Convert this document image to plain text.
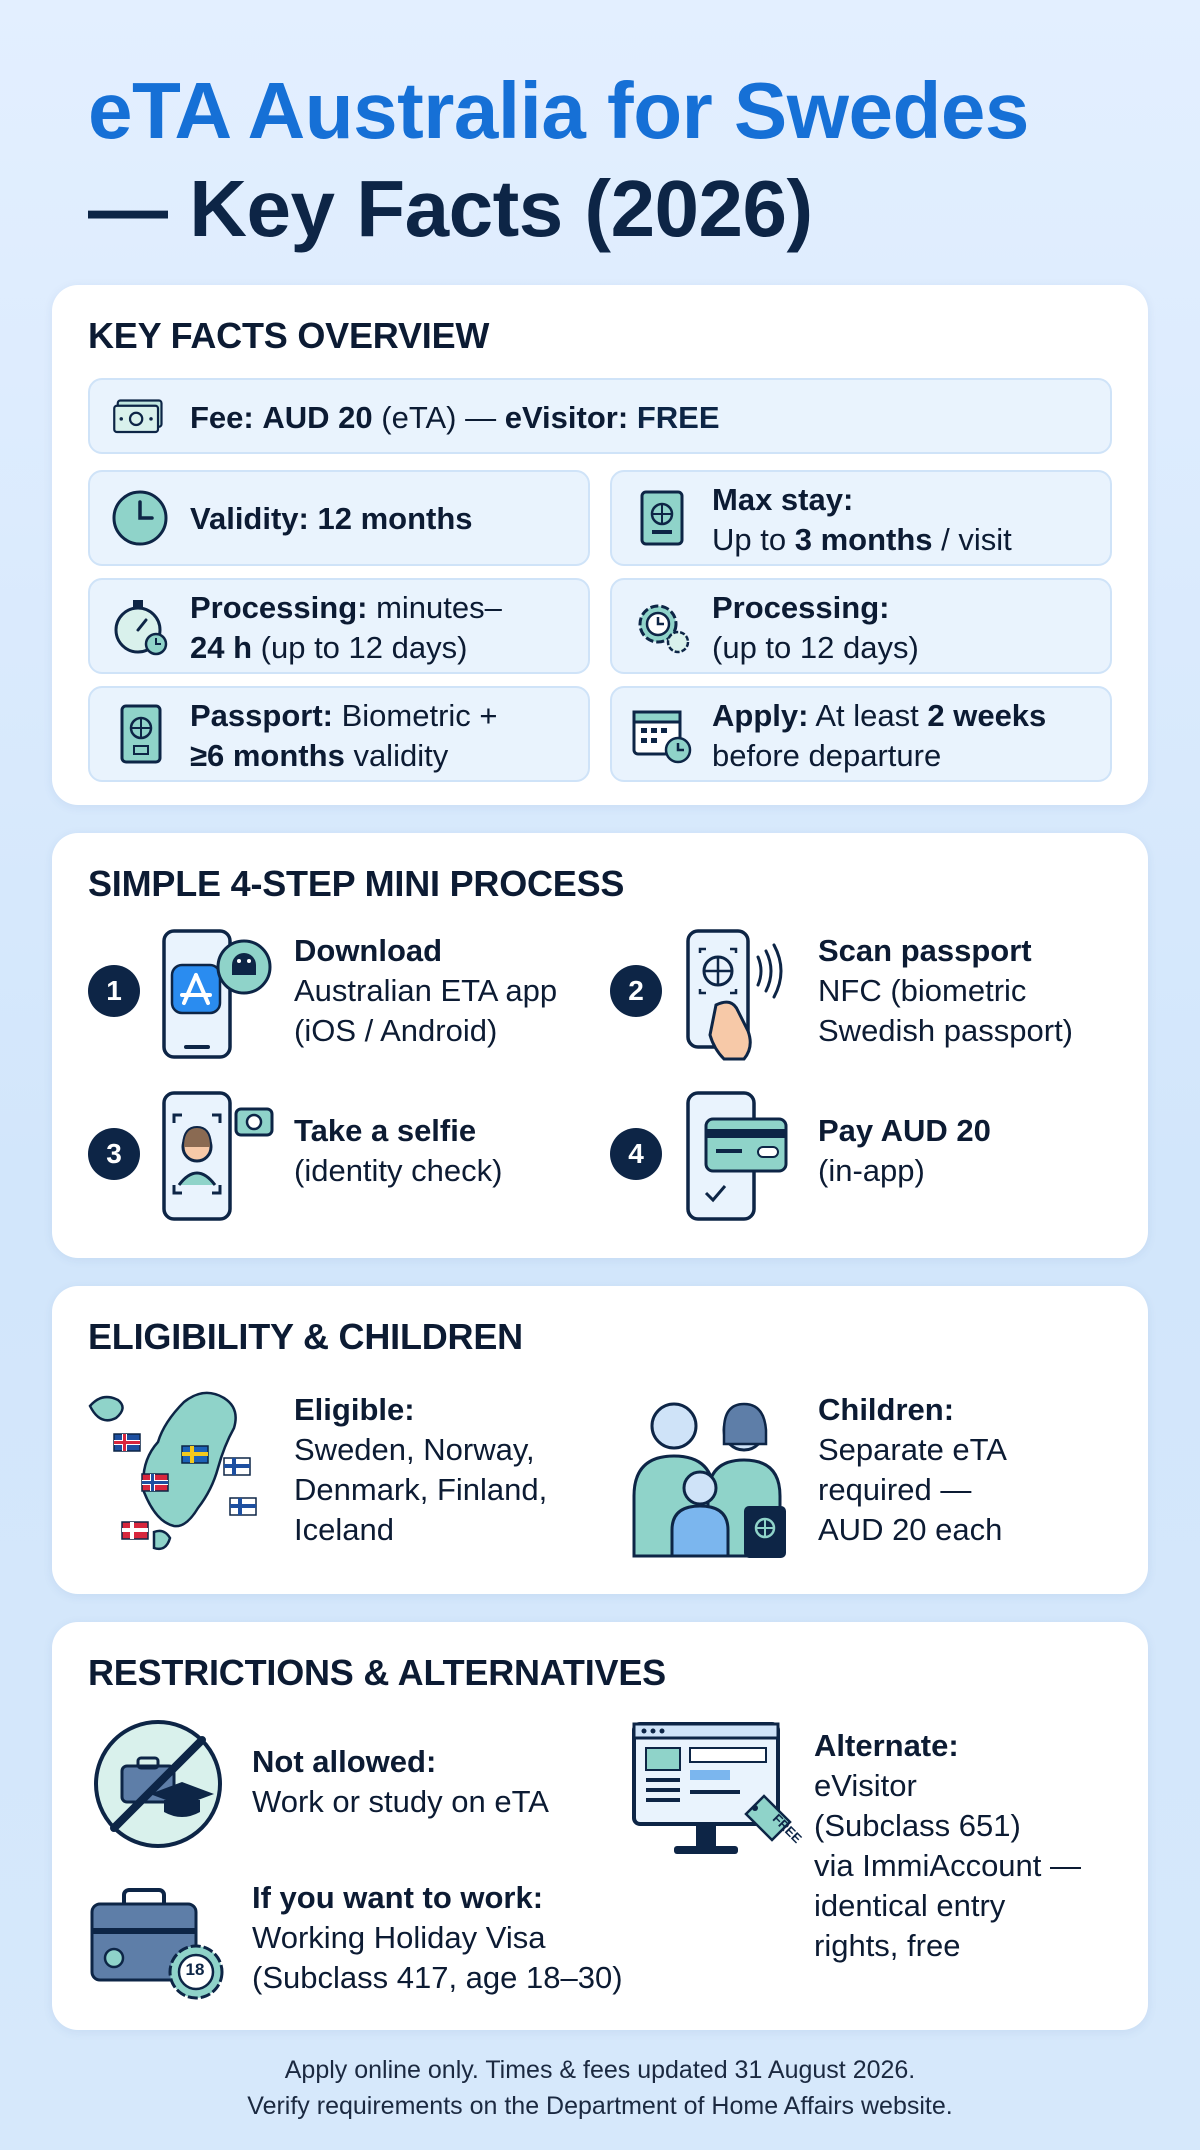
eTA Australia for Swedes
— Key Facts (2026)
KEY FACTS OVERVIEW
Fee: AUD 20 (eTA) — eVisitor: FREE
Validity: 12 months
Max stay:
Up to 3 months / visit
Processing: minutes–
24 h (up to 12 days)
Processing:
(up to 12 days)
Passport: Biometric +
≥6 months validity
Apply: At least 2 weeks
before departure
SIMPLE 4-STEP MINI PROCESS
1
Download
Australian ETA app
(iOS / Android)
2
Scan passport
NFC (biometric
Swedish passport)
3
Take a selfie
(identity check)	4
Pay AUD 20
(in-app)
ELIGIBILITY & CHILDREN
Eligible:
Sweden, Norway,
Denmark, Finland,
Iceland
Children:
Separate eTA
required —
AUD 20 each
RESTRICTIONS & ALTERNATIVES
Not allowed:
Work or study on eTA
18
If you want to work:
Working Holiday Visa
(Subclass 417, age 18–30)
FREE
Alternate:
eVisitor
(Subclass 651)
via ImmiAccount —
identical entry
rights, free
Apply online only. Times & fees updated 31 August 2026.
Verify requirements on the Department of Home Affairs website.
